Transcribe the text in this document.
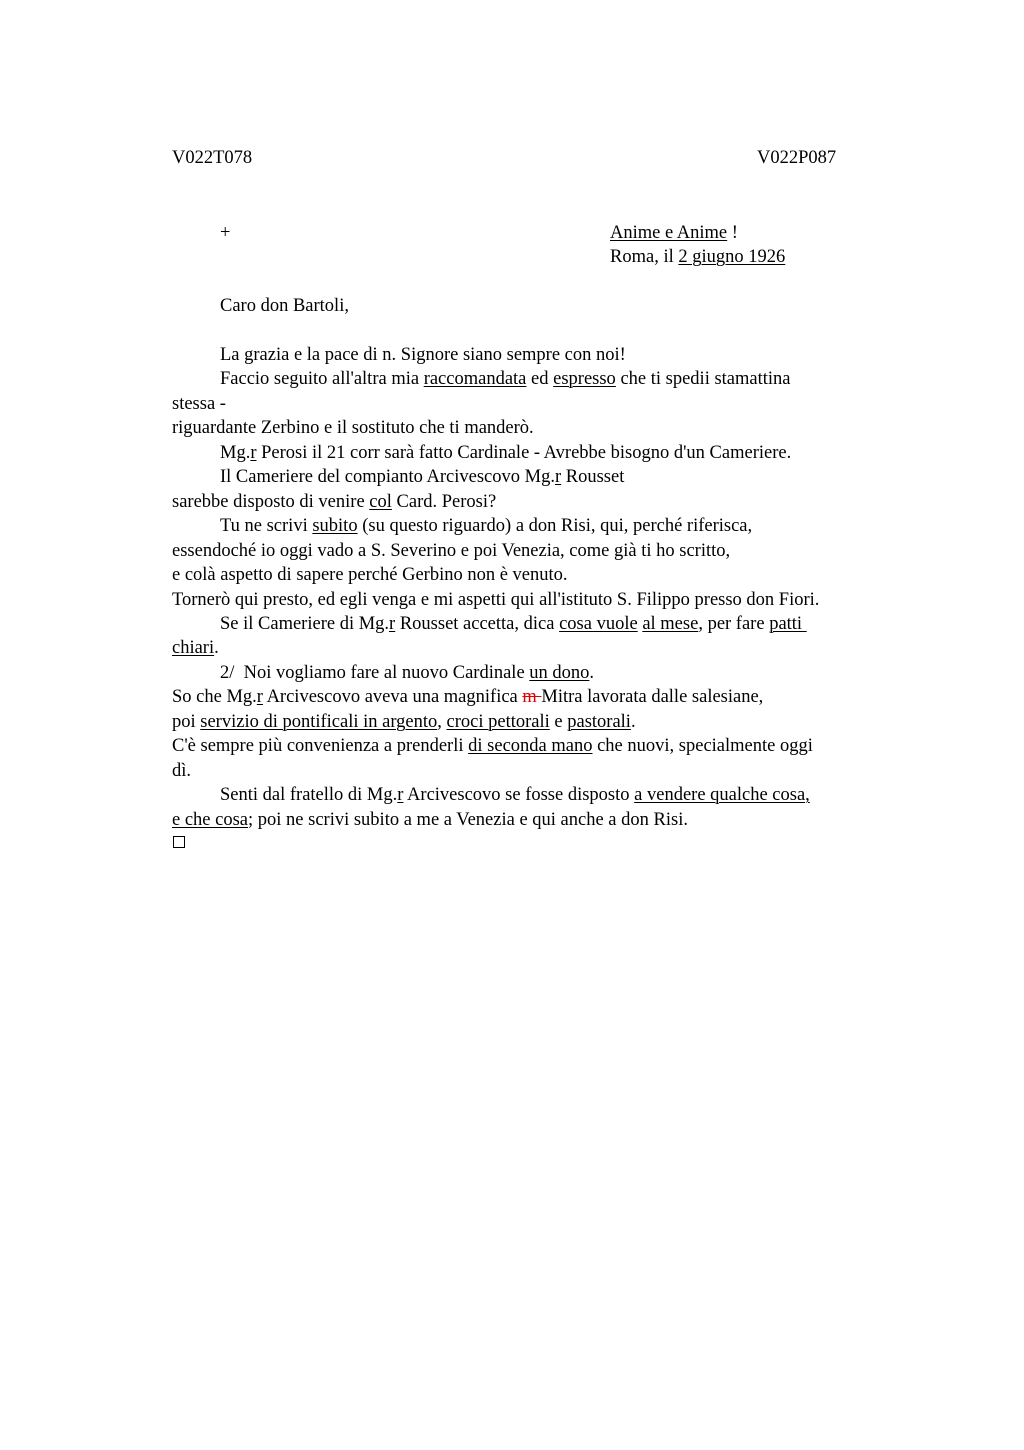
V022T078	V022P087
+	Anime e Anime !
Roma, il 2 giugno 1926
Caro don Bartoli,
La grazia e la pace di n. Signore siano sempre con noi!
Faccio seguito all'altra mia raccomandata ed espresso che ti spedii stamattina
stessa -
riguardante Zerbino e il sostituto che ti manderò.
Mg.r Perosi il 21 corr sarà fatto Cardinale - Avrebbe bisogno d'un Cameriere.
Il Cameriere del compianto Arcivescovo Mg.r Rousset
sarebbe disposto di venire col Card. Perosi?
Tu ne scrivi subito (su questo riguardo) a don Risi, qui, perché riferisca,
essendoché io oggi vado a S. Severino e poi Venezia, come già ti ho scritto,
e colà aspetto di sapere perché Gerbino non è venuto.
Tornerò qui presto, ed egli venga e mi aspetti qui all'istituto S. Filippo presso don Fiori.
Se il Cameriere di Mg.r Rousset accetta, dica cosa vuole al mese, per fare patti
chiari.
2/  Noi vogliamo fare al nuovo Cardinale un dono.
So che Mg.r Arcivescovo aveva una magnifica m Mitra lavorata dalle salesiane,
poi servizio di pontificali in argento, croci pettorali e pastorali.
C'è sempre più convenienza a prenderli di seconda mano che nuovi, specialmente oggi
dì.
Senti dal fratello di Mg.r Arcivescovo se fosse disposto a vendere qualche cosa,
e che cosa; poi ne scrivi subito a me a Venezia e qui anche a don Risi.
